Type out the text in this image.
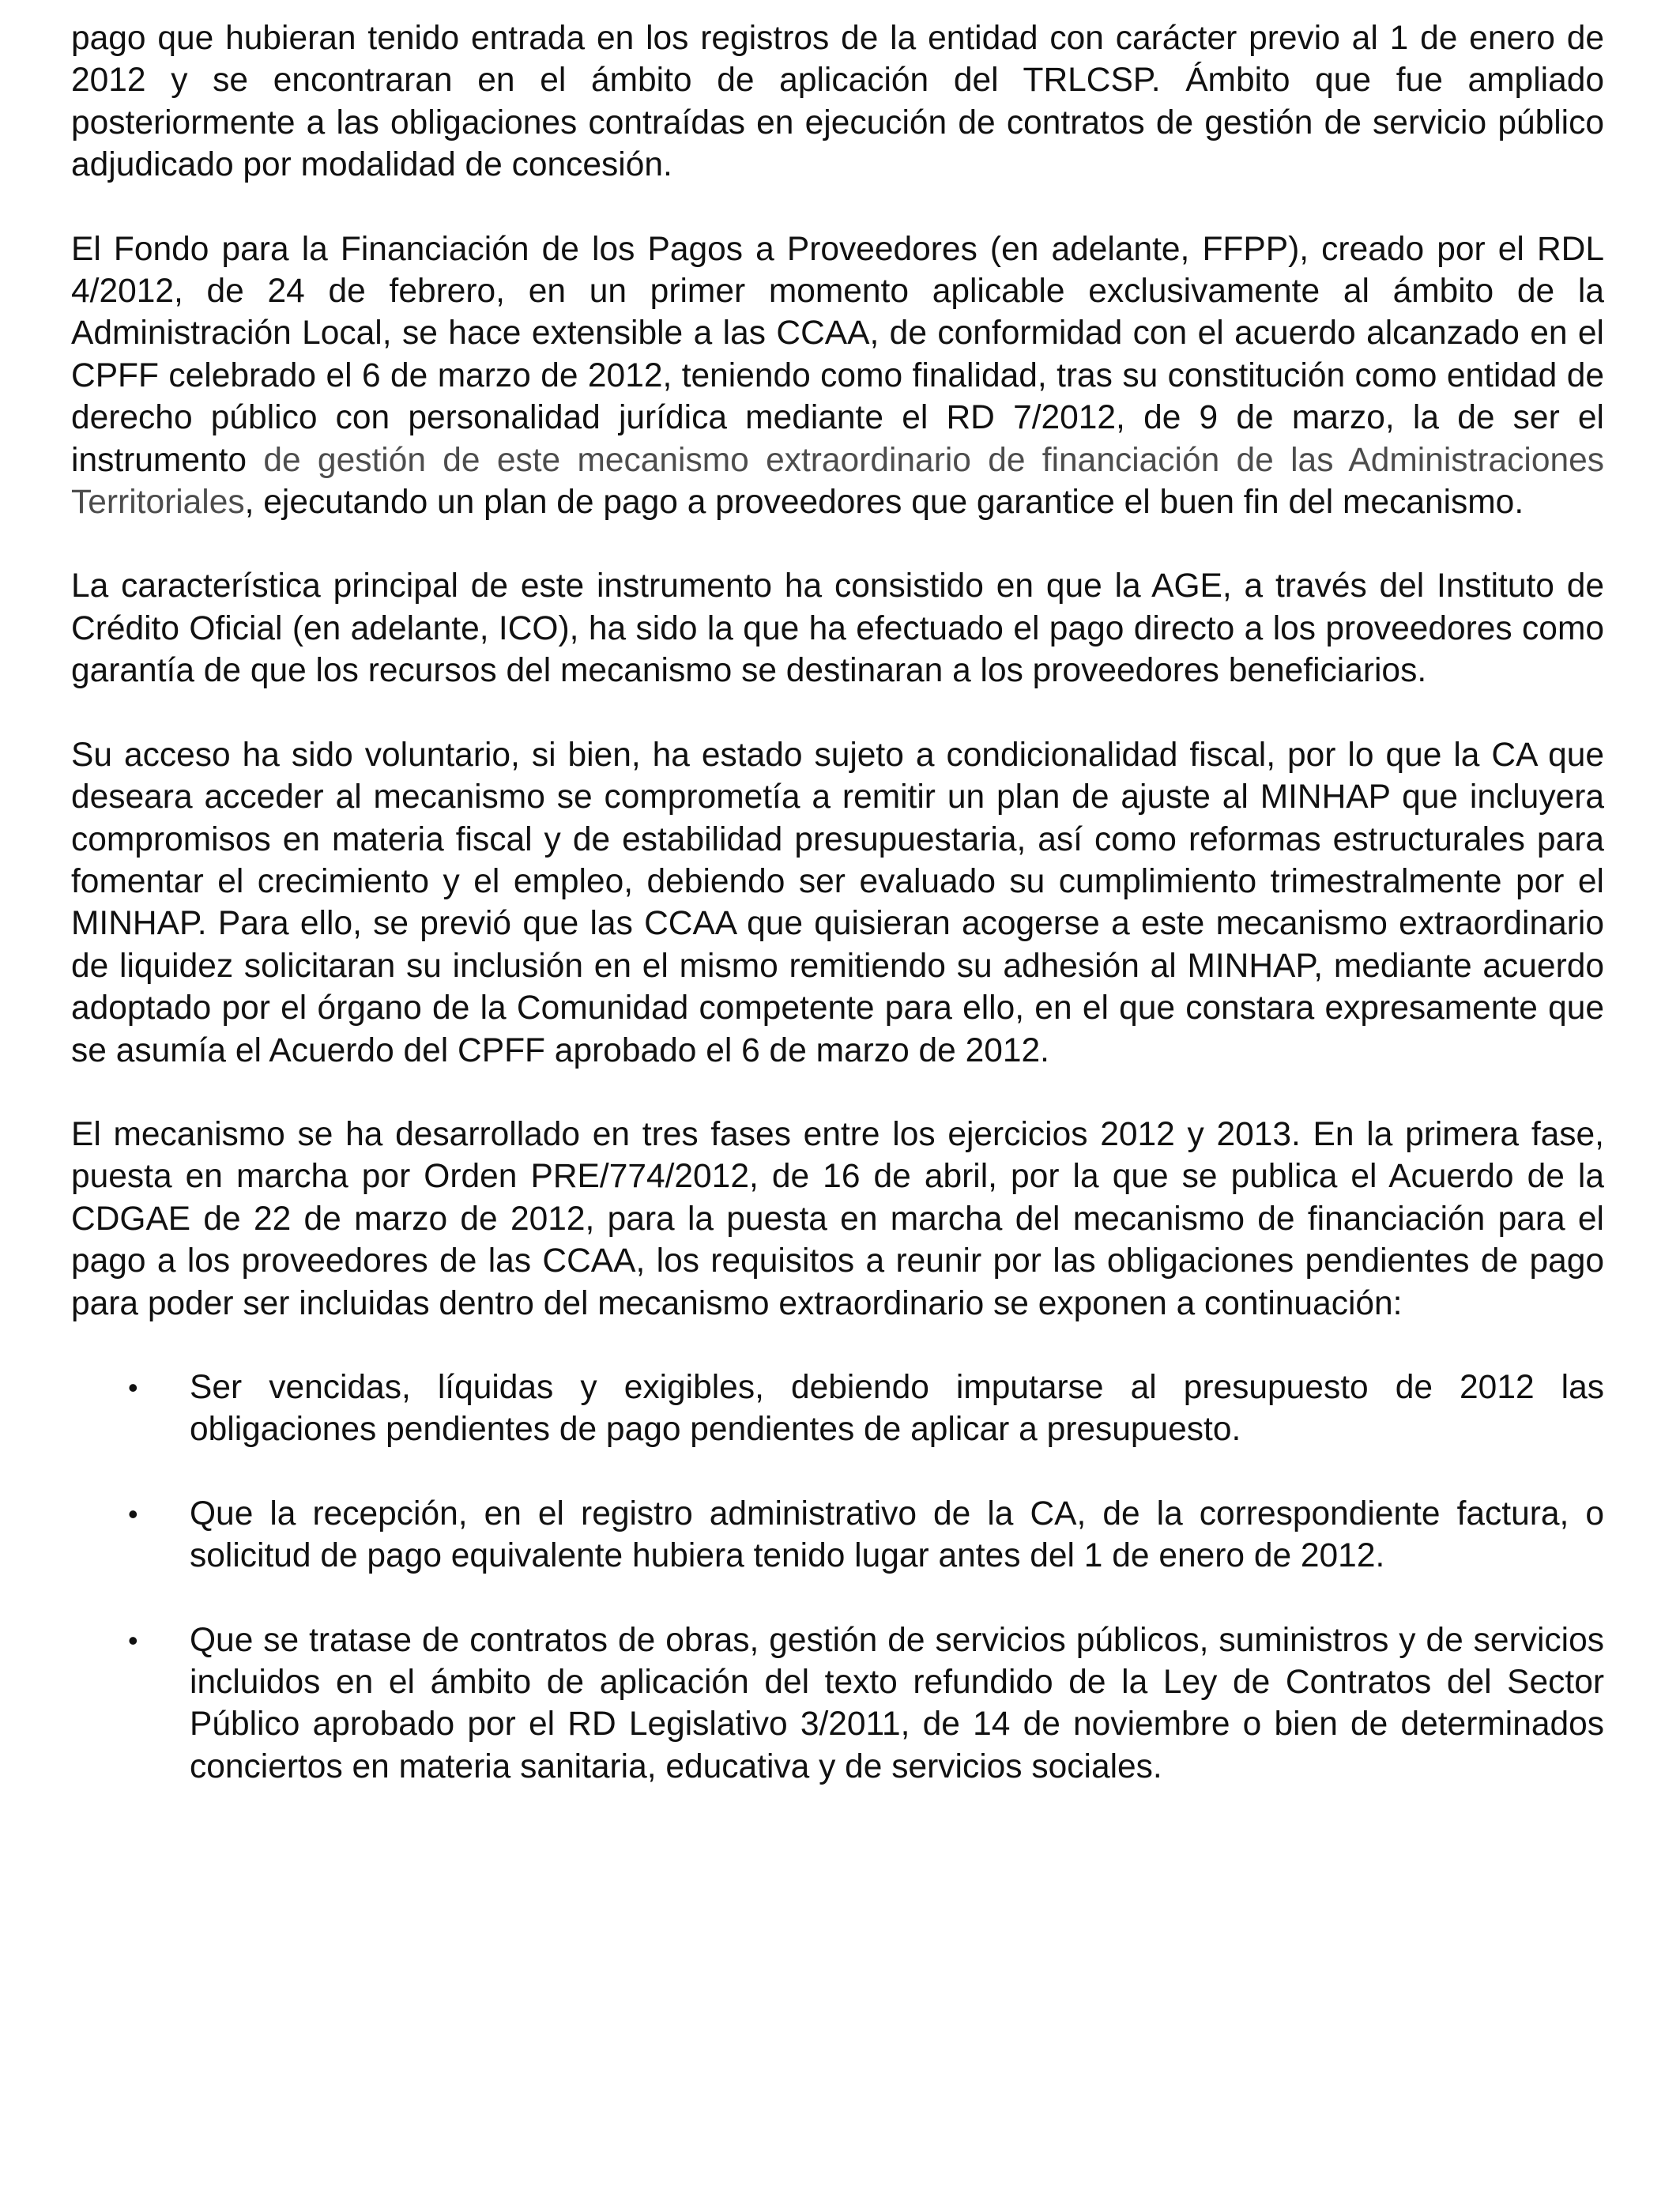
pago que hubieran tenido entrada en los registros de la entidad con carácter previo al 1 de enero de 2012 y se encontraran en el ámbito de aplicación del TRLCSP. Ámbito que fue ampliado posteriormente a las obligaciones contraídas en ejecución de contratos de gestión de servicio público adjudicado por modalidad de concesión.

El Fondo para la Financiación de los Pagos a Proveedores (en adelante, FFPP), creado por el RDL 4/2012, de 24 de febrero, en un primer momento aplicable exclusivamente al ámbito de la Administración Local, se hace extensible a las CCAA, de conformidad con el acuerdo alcanzado en el CPFF celebrado el 6 de marzo de 2012, teniendo como finalidad, tras su constitución como entidad de derecho público con personalidad jurídica mediante el RD 7/2012, de 9 de marzo, la de ser el instrumento de gestión de este mecanismo extraordinario de financiación de las Administraciones Territoriales, ejecutando un plan de pago a proveedores que garantice el buen fin del mecanismo.

La característica principal de este instrumento ha consistido en que la AGE, a través del Instituto de Crédito Oficial (en adelante, ICO), ha sido la que ha efectuado el pago directo a los proveedores como garantía de que los recursos del mecanismo se destinaran a los proveedores beneficiarios.

Su acceso ha sido voluntario, si bien, ha estado sujeto a condicionalidad fiscal, por lo que la CA que deseara acceder al mecanismo se comprometía a remitir un plan de ajuste al MINHAP que incluyera compromisos en materia fiscal y de estabilidad presupuestaria, así como reformas estructurales para fomentar el crecimiento y el empleo, debiendo ser evaluado su cumplimiento trimestralmente por el MINHAP. Para ello, se previó que las CCAA que quisieran acogerse a este mecanismo extraordinario de liquidez solicitaran su inclusión en el mismo remitiendo su adhesión al MINHAP, mediante acuerdo adoptado por el órgano de la Comunidad competente para ello, en el que constara expresamente que se asumía el Acuerdo del CPFF aprobado el 6 de marzo de 2012.

El mecanismo se ha desarrollado en tres fases entre los ejercicios 2012 y 2013. En la primera fase, puesta en marcha por Orden PRE/774/2012, de 16 de abril, por la que se publica el Acuerdo de la CDGAE de 22 de marzo de 2012, para la puesta en marcha del mecanismo de financiación para el pago a los proveedores de las CCAA, los requisitos a reunir por las obligaciones pendientes de pago para poder ser incluidas dentro del mecanismo extraordinario se exponen a continuación:

• Ser vencidas, líquidas y exigibles, debiendo imputarse al presupuesto de 2012 las obligaciones pendientes de pago pendientes de aplicar a presupuesto.
• Que la recepción, en el registro administrativo de la CA, de la correspondiente factura, o solicitud de pago equivalente hubiera tenido lugar antes del 1 de enero de 2012.
• Que se tratase de contratos de obras, gestión de servicios públicos, suministros y de servicios incluidos en el ámbito de aplicación del texto refundido de la Ley de Contratos del Sector Público aprobado por el RD Legislativo 3/2011, de 14 de noviembre o bien de determinados conciertos en materia sanitaria, educativa y de servicios sociales.
